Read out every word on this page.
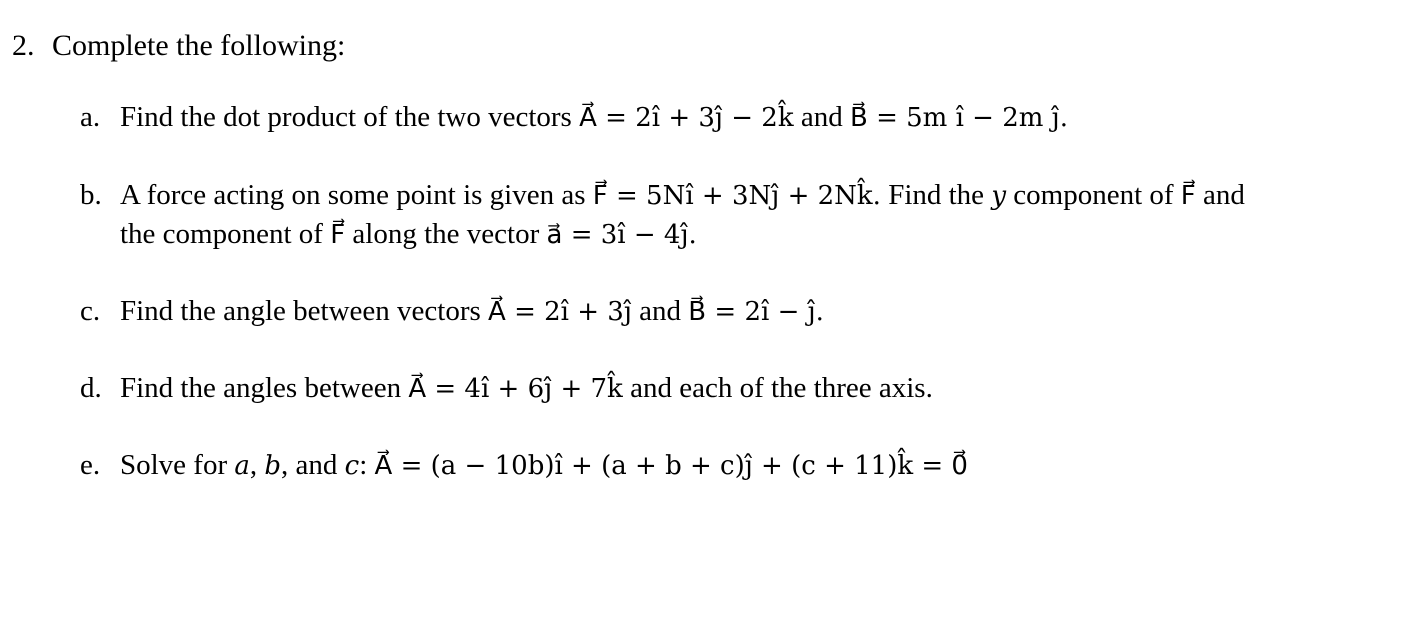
2. Complete the following:
a. Find the dot product of the two vectors A⃗ = 2î + 3ĵ − 2k̂ and B⃗ = 5m î − 2m ĵ.
b. A force acting on some point is given as F⃗ = 5Nî + 3Nĵ + 2Nk̂. Find the y component of F⃗ and
the component of F⃗ along the vector a⃗ = 3î − 4ĵ.
c. Find the angle between vectors A⃗ = 2î + 3ĵ and B⃗ = 2î − ĵ.
d. Find the angles between A⃗ = 4î + 6ĵ + 7k̂ and each of the three axis.
e. Solve for a, b, and c: A⃗ = (a − 10b)î + (a + b + c)ĵ + (c + 11)k̂ = 0⃗
